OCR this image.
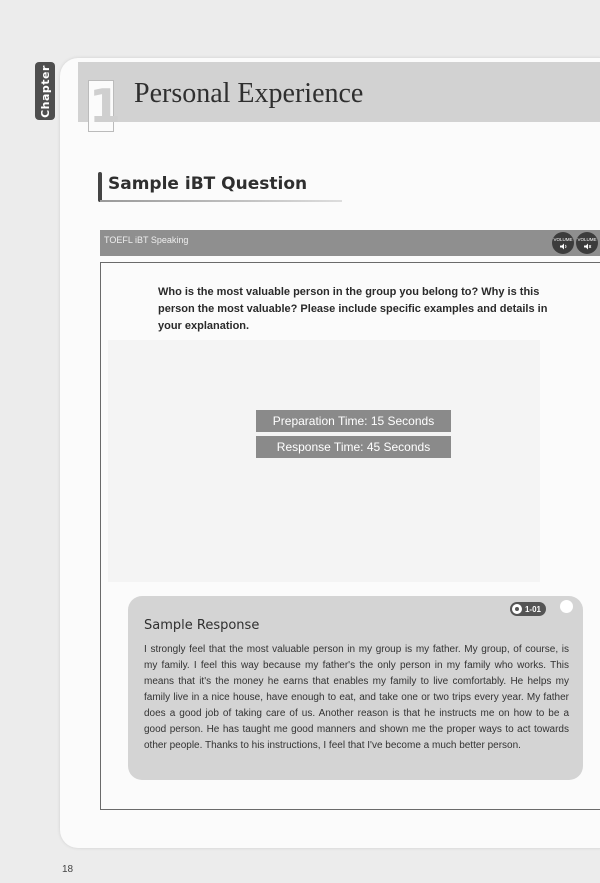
Chapter 1 Personal Experience
Sample iBT Question
TOEFL iBT Speaking	VOLUME	VOLUME

Who is the most valuable person in the group you belong to? Why is this person the most valuable? Please include specific examples and details in your explanation.
Preparation Time: 15 Seconds
Response Time: 45 Seconds
Sample Response
1-01
I strongly feel that the most valuable person in my group is my father. My group, of course, is my family. I feel this way because my father's the only person in my family who works. This means that it's the money he earns that enables my family to live comfortably. He helps my family live in a nice house, have enough to eat, and take one or two trips every year. My father does a good job of taking care of us. Another reason is that he instructs me on how to be a good person. He has taught me good manners and shown me the proper ways to act towards other people. Thanks to his instructions, I feel that I've become a much better person.
18
